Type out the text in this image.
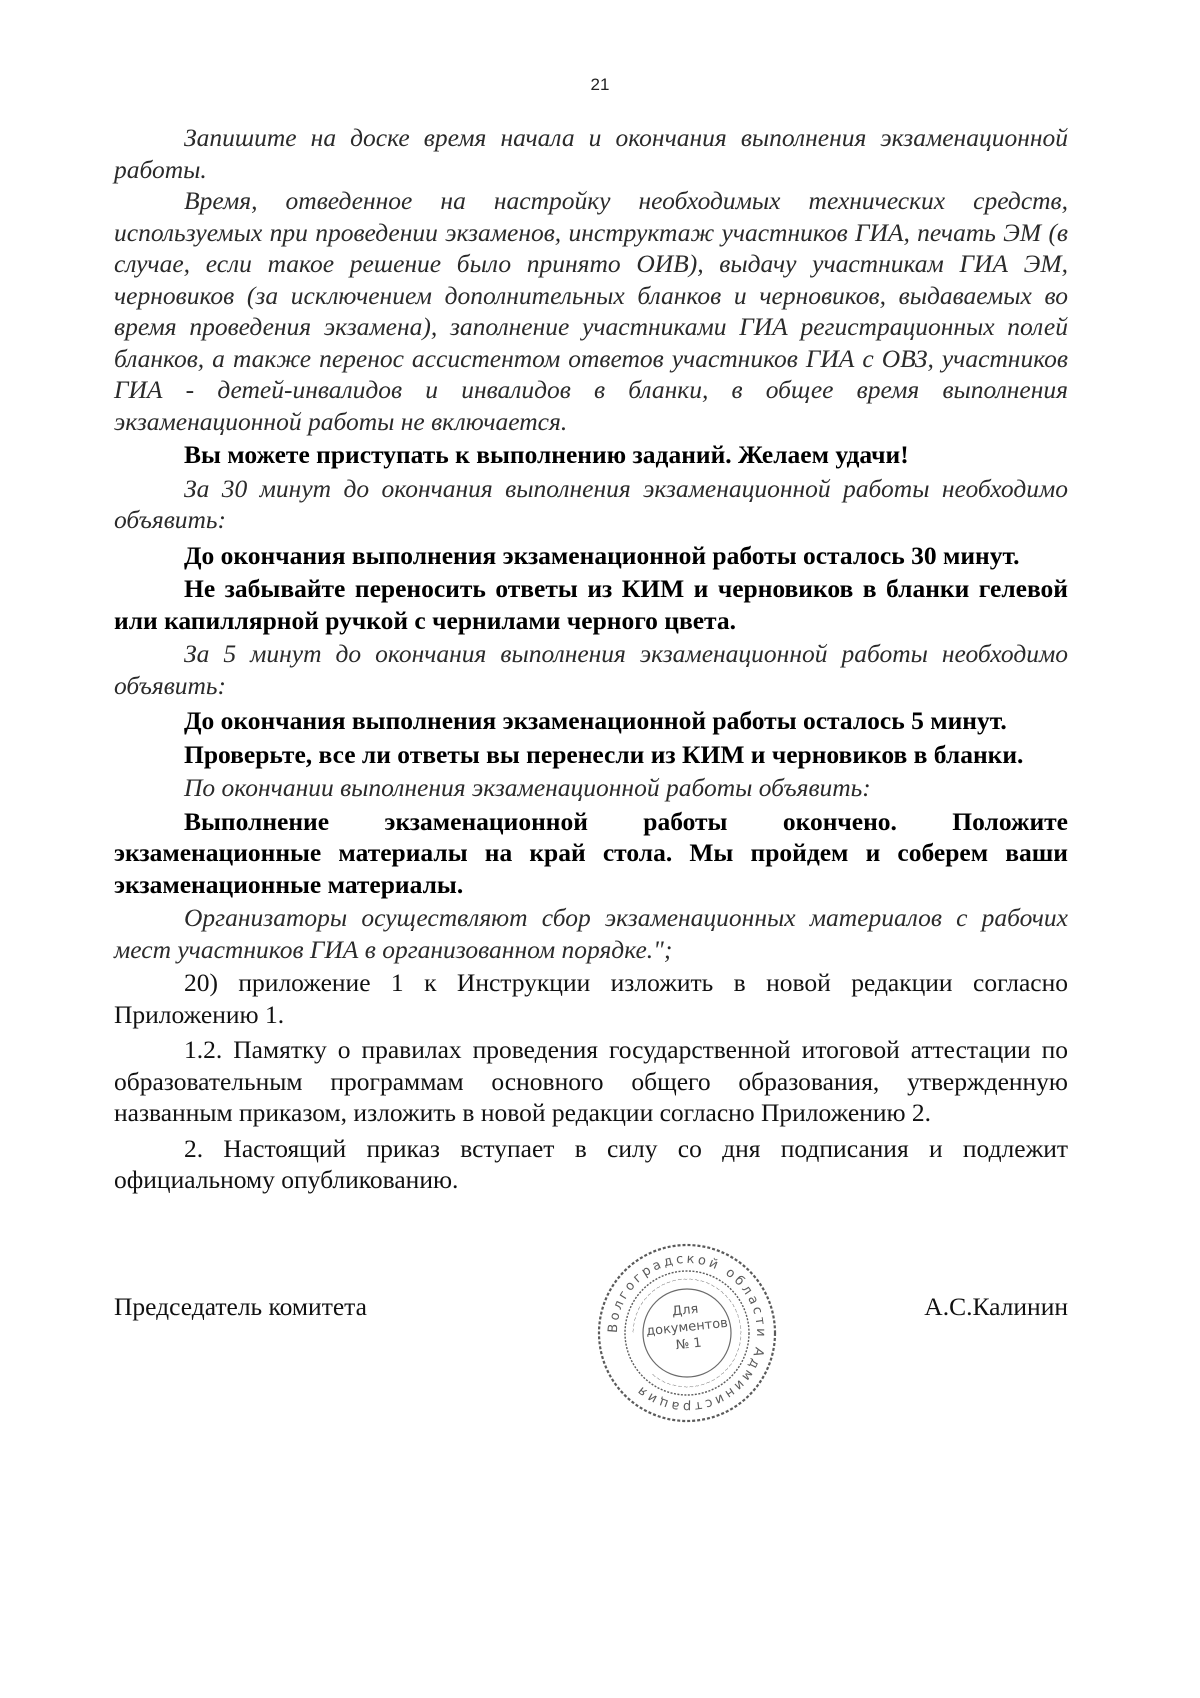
21

Запишите на доске время начала и окончания выполнения экзаменационной работы.

Время, отведенное на настройку необходимых технических средств, используемых при проведении экзаменов, инструктаж участников ГИА, печать ЭМ (в случае, если такое решение было принято ОИВ), выдачу участникам ГИА ЭМ, черновиков (за исключением дополнительных бланков и черновиков, выдаваемых во время проведения экзамена), заполнение участниками ГИА регистрационных полей бланков, а также перенос ассистентом ответов участников ГИА с ОВЗ, участников ГИА - детей-инвалидов и инвалидов в бланки, в общее время выполнения экзаменационной работы не включается.

Вы можете приступать к выполнению заданий. Желаем удачи!

За 30 минут до окончания выполнения экзаменационной работы необходимо объявить:

До окончания выполнения экзаменационной работы осталось 30 минут.

Не забывайте переносить ответы из КИМ и черновиков в бланки гелевой или капиллярной ручкой с чернилами черного цвета.

За 5 минут до окончания выполнения экзаменационной работы необходимо объявить:

До окончания выполнения экзаменационной работы осталось 5 минут.

Проверьте, все ли ответы вы перенесли из КИМ и черновиков в бланки.

По окончании выполнения экзаменационной работы объявить:

Выполнение экзаменационной работы окончено. Положите экзаменационные материалы на край стола. Мы пройдем и соберем ваши экзаменационные материалы.

Организаторы осуществляют сбор экзаменационных материалов с рабочих мест участников ГИА в организованном порядке.";

20) приложение 1 к Инструкции изложить в новой редакции согласно Приложению 1.

1.2. Памятку о правилах проведения государственной итоговой аттестации по образовательным программам основного общего образования, утвержденную названным приказом, изложить в новой редакции согласно Приложению 2.

2. Настоящий приказ вступает в силу со дня подписания и подлежит официальному опубликованию.

Председатель комитета	А.С.Калинин
Волгоградской области Администрация
~~~~~~~~~~~~~~~~~~~~~~~~~~~~~~~~~~~~~~~~~~~~~~~~~~~
Для документов № 1
